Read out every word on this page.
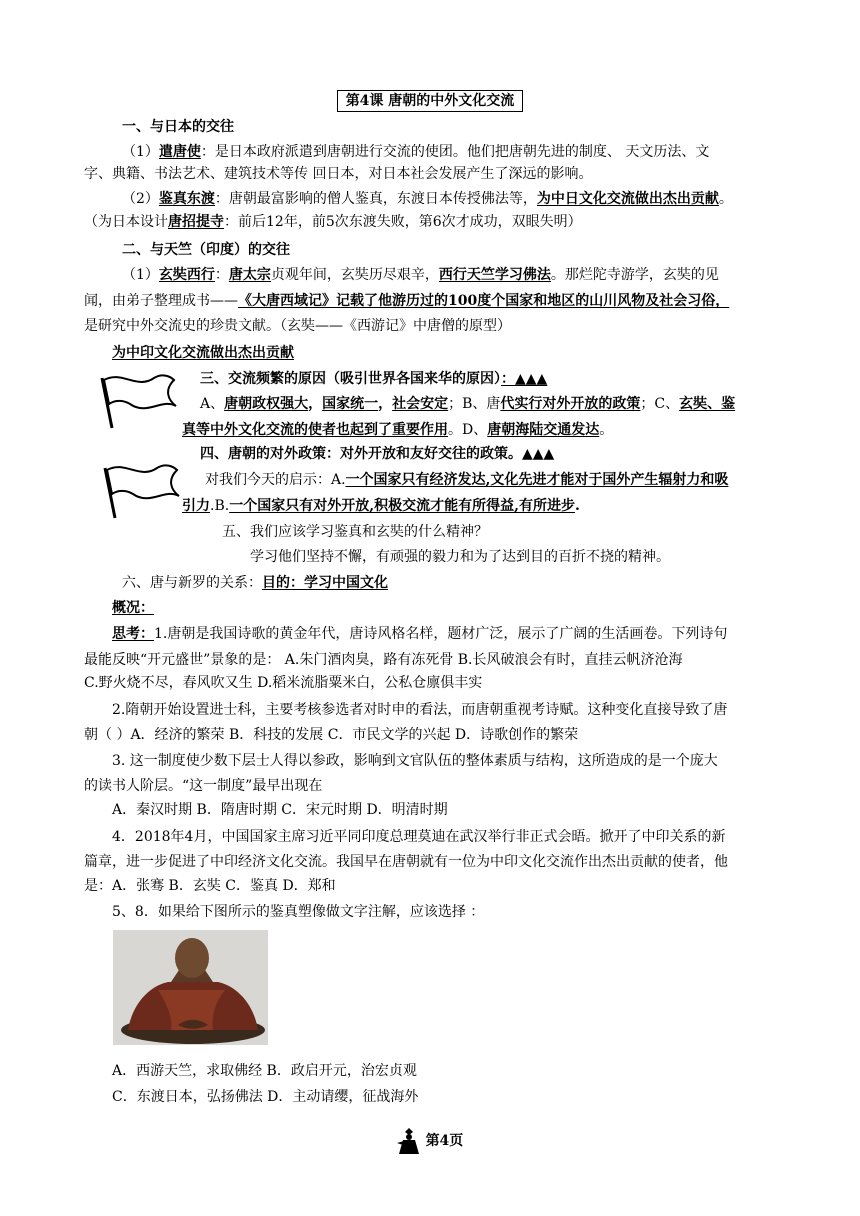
第4课 唐朝的中外文化交流
一、与日本的交往
（1）遣唐使：是日本政府派遣到唐朝进行交流的使团。他们把唐朝先进的制度、 天文历法、文
字、典籍、书法艺术、建筑技术等传 回日本，对日本社会发展产生了深远的影响。
（2）鉴真东渡：唐朝最富影响的僧人鉴真，东渡日本传授佛法等，为中日文化交流做出杰出贡献。
（为日本设计唐招提寺：前后12年，前5次东渡失败，第6次才成功，双眼失明）
二、与天竺（印度）的交往
（1）玄奘西行：唐太宗贞观年间，玄奘历尽艰辛，西行天竺学习佛法。那烂陀寺游学，玄奘的见
闻，由弟子整理成书——《大唐西域记》记载了他游历过的100度个国家和地区的山川风物及社会习俗，
是研究中外交流史的珍贵文献。（玄奘——《西游记》中唐僧的原型）
为中印文化交流做出杰出贡献
三、交流频繁的原因（吸引世界各国来华的原因）：▲▲▲
A、唐朝政权强大，国家统一，社会安定；B、唐代实行对外开放的政策；C、玄奘、鉴
真等中外文化交流的使者也起到了重要作用。D、唐朝海陆交通发达。
四、唐朝的对外政策：对外开放和友好交往的政策。▲▲▲
对我们今天的启示：A.一个国家只有经济发达,文化先进才能对于国外产生辐射力和吸
引力.B.一个国家只有对外开放,积极交流才能有所得益,有所进步.
五、我们应该学习鉴真和玄奘的什么精神？
学习他们坚持不懈，有顽强的毅力和为了达到目的百折不挠的精神。
六、唐与新罗的关系：目的：学习中国文化
概况：
思考：1.唐朝是我国诗歌的黄金年代，唐诗风格名样，题材广泛，展示了广阔的生活画卷。下列诗句
最能反映“开元盛世”景象的是： A.朱门酒肉臭，路有冻死骨 B.长风破浪会有时，直挂云帆济沧海
C.野火烧不尽，春风吹又生 D.稻米流脂粟米白，公私仓廪俱丰实
2.隋朝开始设置进士科，主要考核参选者对时申的看法，而唐朝重视考诗赋。这种变化直接导致了唐
朝（ ）A．经济的繁荣 B．科技的发展 C．市民文学的兴起 D．诗歌创作的繁荣
3. 这一制度使少数下层士人得以参政，影响到文官队伍的整体素质与结构，这所造成的是一个庞大
的读书人阶层。“这一制度”最早出现在
A．秦汉时期 B．隋唐时期 C．宋元时期 D．明清时期
4．2018年4月，中国国家主席习近平同印度总理莫迪在武汉举行非正式会晤。掀开了中印关系的新
篇章，进一步促进了中印经济文化交流。我国早在唐朝就有一位为中印文化交流作出杰出贡献的使者，他
是：A．张骞 B．玄奘 C．鉴真 D．郑和
5、8．如果给下图所示的鉴真塑像做文字注解，应该选择 ：
A．西游天竺，求取佛经 B．政启开元，治宏贞观
C．东渡日本，弘扬佛法 D．主动请缨，征战海外
第4页
